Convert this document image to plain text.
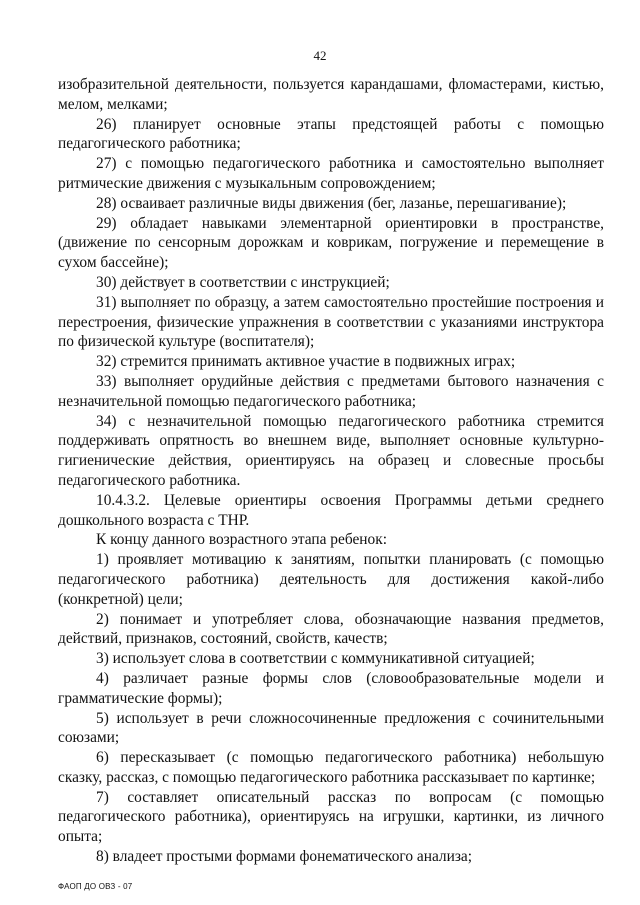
42

изобразительной деятельности, пользуется карандашами, фломастерами, кистью, мелом, мелками;

26) планирует основные этапы предстоящей работы с помощью педагогического работника;

27) с помощью педагогического работника и самостоятельно выполняет ритмические движения с музыкальным сопровождением;

28) осваивает различные виды движения (бег, лазанье, перешагивание);

29) обладает навыками элементарной ориентировки в пространстве, (движение по сенсорным дорожкам и коврикам, погружение и перемещение в сухом бассейне);

30) действует в соответствии с инструкцией;

31) выполняет по образцу, а затем самостоятельно простейшие построения и перестроения, физические упражнения в соответствии с указаниями инструктора по физической культуре (воспитателя);

32) стремится принимать активное участие в подвижных играх;

33) выполняет орудийные действия с предметами бытового назначения с незначительной помощью педагогического работника;

34) с незначительной помощью педагогического работника стремится поддерживать опрятность во внешнем виде, выполняет основные культурно-гигиенические действия, ориентируясь на образец и словесные просьбы педагогического работника.

10.4.3.2. Целевые ориентиры освоения Программы детьми среднего дошкольного возраста с ТНР.

К концу данного возрастного этапа ребенок:

1) проявляет мотивацию к занятиям, попытки планировать (с помощью педагогического работника) деятельность для достижения какой-либо (конкретной) цели;

2) понимает и употребляет слова, обозначающие названия предметов, действий, признаков, состояний, свойств, качеств;

3) использует слова в соответствии с коммуникативной ситуацией;

4) различает разные формы слов (словообразовательные модели и грамматические формы);

5) использует в речи сложносочиненные предложения с сочинительными союзами;

6) пересказывает (с помощью педагогического работника) небольшую сказку, рассказ, с помощью педагогического работника рассказывает по картинке;

7) составляет описательный рассказ по вопросам (с помощью педагогического работника), ориентируясь на игрушки, картинки, из личного опыта;

8) владеет простыми формами фонематического анализа;

ФАОП ДО ОВЗ - 07
